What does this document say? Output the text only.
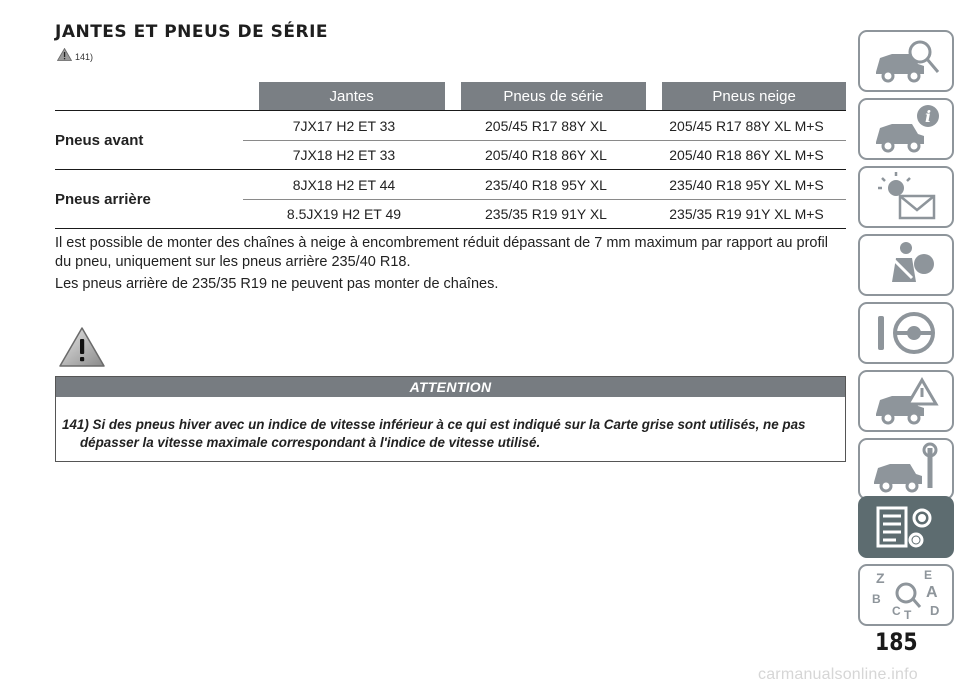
JANTES ET PNEUS DE SÉRIE
141)
Jantes	Pneus de série	Pneus neige
Pneus avant
7JX17 H2 ET 33	205/45 R17 88Y XL	205/45 R17 88Y XL M+S
7JX18 H2 ET 33	205/40 R18 86Y XL	205/40 R18 86Y XL M+S
Pneus arrière
8JX18 H2 ET 44	235/40 R18 95Y XL	235/40 R18 95Y XL M+S
8.5JX19 H2 ET 49	235/35 R19 91Y XL	235/35 R19 91Y XL M+S

Il est possible de monter des chaînes à neige à encombrement réduit dépassant de 7 mm maximum par rapport au profil du pneu, uniquement sur les pneus arrière 235/40 R18.

Les pneus arrière de 235/35 R19 ne peuvent pas monter de chaînes.

ATTENTION
141) Si des pneus hiver avec un indice de vitesse inférieur à ce qui est indiqué sur la Carte grise sont utilisés, ne pas
dépasser la vitesse maximale correspondant à l'indice de vitesse utilisé.
i
Z	E
A
B
C D
T
185
carmanualsonline.info
